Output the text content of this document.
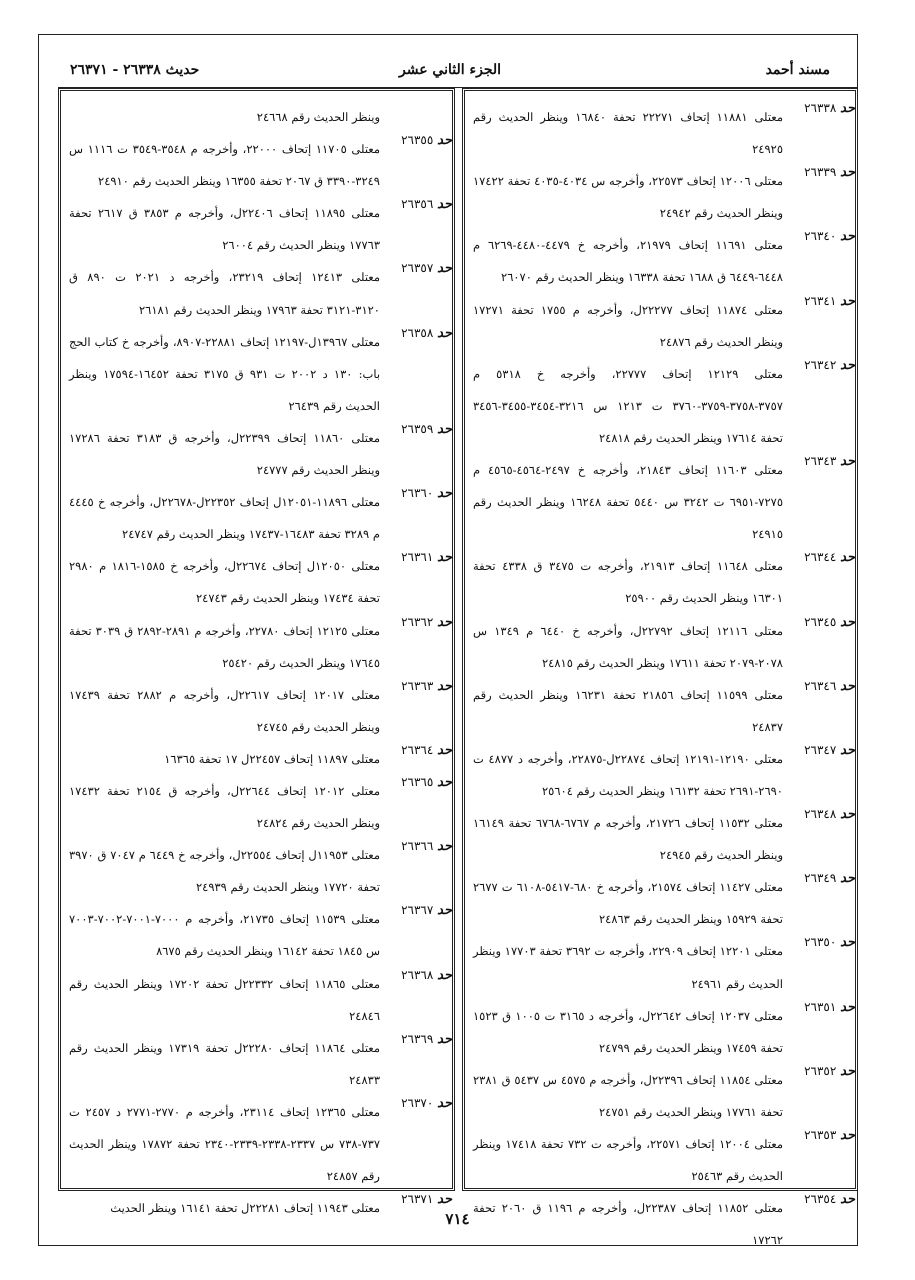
مسند أحمد
الجزء الثاني عشر
حديث ٢٦٣٣٨ - ٢٦٣٧١
حد ٢٦٣٣٨
معتلى ١١٨٨١ إتحاف ٢٢٢٧١ تحفة ١٦٨٤٠ وينظر الحديث رقم ٢٤٩٢٥
حد ٢٦٣٣٩
معتلى ١٢٠٠٦ إتحاف ٢٢٥٧٣، وأخرجه س ٤٠٣٤-٤٠٣٥ تحفة ١٧٤٢٢ وينظر الحديث رقم ٢٤٩٤٢
حد ٢٦٣٤٠
معتلى ١١٦٩١ إتحاف ٢١٩٧٩، وأخرجه خ ٤٤٧٩-٤٤٨٠-٦٢٦٩ م ٦٤٤٨-٦٤٤٩ ق ١٦٨٨ تحفة ١٦٣٣٨ وينظر الحديث رقم ٢٦٠٧٠
حد ٢٦٣٤١
معتلى ١١٨٧٤ إتحاف ٢٢٢٧٧ل، وأخرجه م ١٧٥٥ تحفة ١٧٢٧١ وينظر الحديث رقم ٢٤٨٧٦
حد ٢٦٣٤٢
معتلى ١٢١٢٩ إتحاف ٢٢٧٧٧، وأخرجه خ ٥٣١٨ م ٣٧٥٧-٣٧٥٨-٣٧٥٩-٣٧٦٠ ت ١٢١٣ س ٣٢١٦-٣٤٥٤-٣٤٥٥-٣٤٥٦ تحفة ١٧٦١٤ وينظر الحديث رقم ٢٤٨١٨
حد ٢٦٣٤٣
معتلى ١١٦٠٣ إتحاف ٢١٨٤٣، وأخرجه خ ٢٤٩٧-٤٥٦٤-٤٥٦٥ م ٧٢٧٥-٦٩٥١ ت ٣٢٤٢ س ٥٤٤٠ تحفة ١٦٢٤٨ وينظر الحديث رقم ٢٤٩١٥
حد ٢٦٣٤٤
معتلى ١١٦٤٨ إتحاف ٢١٩١٣، وأخرجه ت ٣٤٧٥ ق ٤٣٣٨ تحفة ١٦٣٠١ وينظر الحديث رقم ٢٥٩٠٠
حد ٢٦٣٤٥
معتلى ١٢١١٦ إتحاف ٢٢٧٩٢ل، وأخرجه خ ٦٤٤٠ م ١٣٤٩ س ٢٠٧٨-٢٠٧٩ تحفة ١٧٦١١ وينظر الحديث رقم ٢٤٨١٥
حد ٢٦٣٤٦
معتلى ١١٥٩٩ إتحاف ٢١٨٥٦ تحفة ١٦٢٣١ وينظر الحديث رقم ٢٤٨٣٧
حد ٢٦٣٤٧
معتلى ١٢١٩٠-١٢١٩١ إتحاف ٢٢٨٧٤ل-٢٢٨٧٥، وأخرجه د ٤٨٧٧ ت ٢٦٩٠-٢٦٩١ تحفة ١٦١٣٢ وينظر الحديث رقم ٢٥٦٠٤
حد ٢٦٣٤٨
معتلى ١١٥٣٢ إتحاف ٢١٧٢٦، وأخرجه م ٦٧٦٧-٦٧٦٨ تحفة ١٦١٤٩ وينظر الحديث رقم ٢٤٩٤٥
حد ٢٦٣٤٩
معتلى ١١٤٢٧ إتحاف ٢١٥٧٤، وأخرجه خ ٦٨٠-٥٤١٧-٦١٠٨ ت ٢٦٧٧ تحفة ١٥٩٢٩ وينظر الحديث رقم ٢٤٨٦٣
حد ٢٦٣٥٠
معتلى ١٢٢٠١ إتحاف ٢٢٩٠٩، وأخرجه ت ٣٦٩٢ تحفة ١٧٧٠٣ وينظر الحديث رقم ٢٤٩٦١
حد ٢٦٣٥١
معتلى ١٢٠٣٧ إتحاف ٢٢٦٤٢ل، وأخرجه د ٣١٦٥ ت ١٠٠٥ ق ١٥٢٣ تحفة ١٧٤٥٩ وينظر الحديث رقم ٢٤٧٩٩
حد ٢٦٣٥٢
معتلى ١١٨٥٤ إتحاف ٢٢٣٩٦ل، وأخرجه م ٤٥٧٥ س ٥٤٣٧ ق ٢٣٨١ تحفة ١٧٧٦١ وينظر الحديث رقم ٢٤٧٥١
حد ٢٦٣٥٣
معتلى ١٢٠٠٤ إتحاف ٢٢٥٧١، وأخرجه ت ٧٣٢ تحفة ١٧٤١٨ وينظر الحديث رقم ٢٥٤٦٣
حد ٢٦٣٥٤
معتلى ١١٨٥٢ إتحاف ٢٢٣٨٧ل، وأخرجه م ١١٩٦ ق ٢٠٦٠ تحفة ١٧٢٦٢
وينظر الحديث رقم ٢٤٦٦٨
حد ٢٦٣٥٥
معتلى ١١٧٠٥ إتحاف ٢٢٠٠٠، وأخرجه م ٣٥٤٨-٣٥٤٩ ت ١١١٦ س ٣٢٤٩-٣٣٩٠ ق ٢٠٦٧ تحفة ١٦٣٥٥ وينظر الحديث رقم ٢٤٩١٠
حد ٢٦٣٥٦
معتلى ١١٨٩٥ إتحاف ٢٢٤٠٦ل، وأخرجه م ٣٨٥٣ ق ٢٦١٧ تحفة ١٧٧٦٣ وينظر الحديث رقم ٢٦٠٠٤
حد ٢٦٣٥٧
معتلى ١٢٤١٣ إتحاف ٢٣٢١٩، وأخرجه د ٢٠٢١ ت ٨٩٠ ق ٣١٢٠-٣١٢١ تحفة ١٧٩٦٣ وينظر الحديث رقم ٢٦١٨١
حد ٢٦٣٥٨
معتلى ١٣٩٦٧ل-١٢١٩٧ إتحاف ٢٢٨٨١-٨٩٠٧، وأخرجه خ كتاب الحج باب: ١٣٠ د ٢٠٠٢ ت ٩٣١ ق ٣١٧٥ تحفة ١٦٤٥٢-١٧٥٩٤ وينظر الحديث رقم ٢٦٤٣٩
حد ٢٦٣٥٩
معتلى ١١٨٦٠ إتحاف ٢٢٣٩٩ل، وأخرجه ق ٣١٨٣ تحفة ١٧٢٨٦ وينظر الحديث رقم ٢٤٧٧٧
حد ٢٦٣٦٠
معتلى ١١٨٩٦-١٢٠٥١ل إتحاف ٢٢٣٥٢ل-٢٢٦٧٨ل، وأخرجه خ ٤٤٤٥ م ٣٢٨٩ تحفة ١٦٤٨٣-١٧٤٣٧ وينظر الحديث رقم ٢٤٧٤٧
حد ٢٦٣٦١
معتلى ١٢٠٥٠ل إتحاف ٢٢٦٧٤ل، وأخرجه خ ١٥٨٥-١٨١٦ م ٢٩٨٠ تحفة ١٧٤٣٤ وينظر الحديث رقم ٢٤٧٤٣
حد ٢٦٣٦٢
معتلى ١٢١٢٥ إتحاف ٢٢٧٨٠، وأخرجه م ٢٨٩١-٢٨٩٢ ق ٣٠٣٩ تحفة ١٧٦٤٥ وينظر الحديث رقم ٢٥٤٢٠
حد ٢٦٣٦٣
معتلى ١٢٠١٧ إتحاف ٢٢٦١٧ل، وأخرجه م ٢٨٨٢ تحفة ١٧٤٣٩ وينظر الحديث رقم ٢٤٧٤٥
حد ٢٦٣٦٤
معتلى ١١٨٩٧ إتحاف ٢٢٤٥٧ل ١٧ تحفة ١٦٣٦٥
حد ٢٦٣٦٥
معتلى ١٢٠١٢ إتحاف ٢٢٦٤٤ل، وأخرجه ق ٢١٥٤ تحفة ١٧٤٣٢ وينظر الحديث رقم ٢٤٨٢٤
حد ٢٦٣٦٦
معتلى ١١٩٥٣ل إتحاف ٢٢٥٥٤ل، وأخرجه خ ٦٤٤٩ م ٧٠٤٧ ق ٣٩٧٠ تحفة ١٧٧٢٠ وينظر الحديث رقم ٢٤٩٣٩
حد ٢٦٣٦٧
معتلى ١١٥٣٩ إتحاف ٢١٧٣٥، وأخرجه م ٧٠٠٠-٧٠٠١-٧٠٠٢-٧٠٠٣ س ١٨٤٥ تحفة ١٦١٤٢ وينظر الحديث رقم ٨٦٧٥
حد ٢٦٣٦٨
معتلى ١١٨٦٥ إتحاف ٢٢٣٣٢ل تحفة ١٧٢٠٢ وينظر الحديث رقم ٢٤٨٤٦
حد ٢٦٣٦٩
معتلى ١١٨٦٤ إتحاف ٢٢٢٨٠ل تحفة ١٧٣١٩ وينظر الحديث رقم ٢٤٨٣٣
حد ٢٦٣٧٠
معتلى ١٢٣٦٥ إتحاف ٢٣١١٤، وأخرجه م ٢٧٧٠-٢٧٧١ د ٢٤٥٧ ت ٧٣٧-٧٣٨ س ٢٣٣٧-٢٣٣٨-٢٣٣٩-٢٣٤٠ تحفة ١٧٨٧٢ وينظر الحديث رقم ٢٤٨٥٧
حد ٢٦٣٧١
معتلى ١١٩٤٣ إتحاف ٢٢٢٨١ل تحفة ١٦١٤١ وينظر الحديث
٧١٤
